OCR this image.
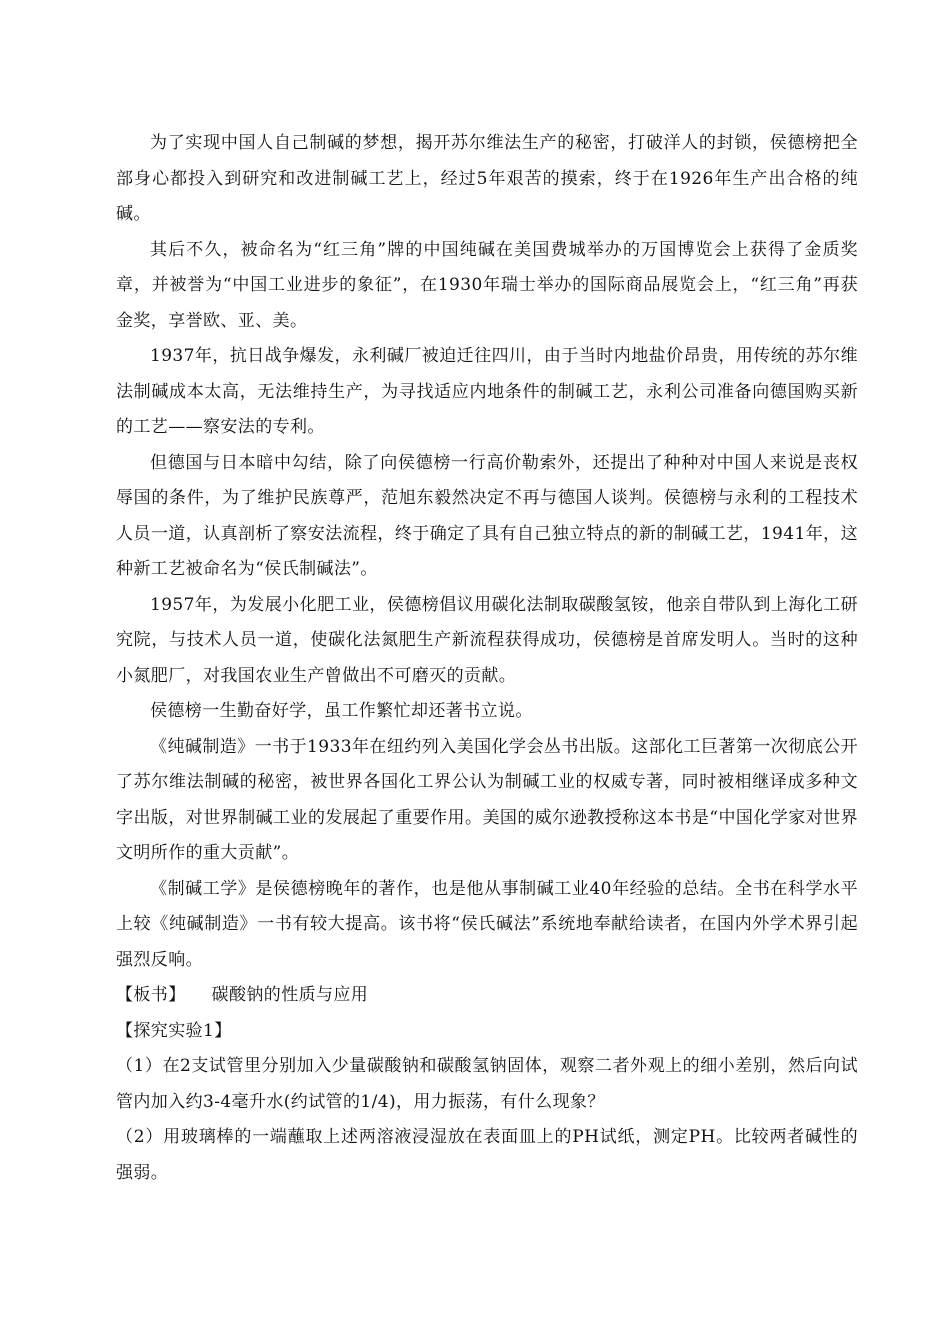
为了实现中国人自己制碱的梦想，揭开苏尔维法生产的秘密，打破洋人的封锁，侯德榜把全部身心都投入到研究和改进制碱工艺上，经过5年艰苦的摸索，终于在1926年生产出合格的纯碱。

其后不久，被命名为“红三角”牌的中国纯碱在美国费城举办的万国博览会上获得了金质奖章，并被誉为“中国工业进步的象征”，在1930年瑞士举办的国际商品展览会上，“红三角”再获金奖，享誉欧、亚、美。

1937年，抗日战争爆发，永利碱厂被迫迁往四川，由于当时内地盐价昂贵，用传统的苏尔维法制碱成本太高，无法维持生产，为寻找适应内地条件的制碱工艺，永利公司准备向德国购买新的工艺——察安法的专利。

但德国与日本暗中勾结，除了向侯德榜一行高价勒索外，还提出了种种对中国人来说是丧权辱国的条件，为了维护民族尊严，范旭东毅然决定不再与德国人谈判。侯德榜与永利的工程技术人员一道，认真剖析了察安法流程，终于确定了具有自己独立特点的新的制碱工艺，1941年，这种新工艺被命名为“侯氏制碱法”。

1957年，为发展小化肥工业，侯德榜倡议用碳化法制取碳酸氢铵，他亲自带队到上海化工研究院，与技术人员一道，使碳化法氮肥生产新流程获得成功，侯德榜是首席发明人。当时的这种小氮肥厂，对我国农业生产曾做出不可磨灭的贡献。

侯德榜一生勤奋好学，虽工作繁忙却还著书立说。

《纯碱制造》一书于1933年在纽约列入美国化学会丛书出版。这部化工巨著第一次彻底公开了苏尔维法制碱的秘密，被世界各国化工界公认为制碱工业的权威专著，同时被相继译成多种文字出版，对世界制碱工业的发展起了重要作用。美国的威尔逊教授称这本书是“中国化学家对世界文明所作的重大贡献”。

《制碱工学》是侯德榜晚年的著作，也是他从事制碱工业40年经验的总结。全书在科学水平上较《纯碱制造》一书有较大提高。该书将“侯氏碱法”系统地奉献给读者，在国内外学术界引起强烈反响。

【板书】 碳酸钠的性质与应用

【探究实验1】

（1）在2支试管里分别加入少量碳酸钠和碳酸氢钠固体，观察二者外观上的细小差别，然后向试管内加入约3-4毫升水(约试管的1/4)，用力振荡，有什么现象？

（2）用玻璃棒的一端蘸取上述两溶液浸湿放在表面皿上的PH试纸，测定PH。比较两者碱性的强弱。
